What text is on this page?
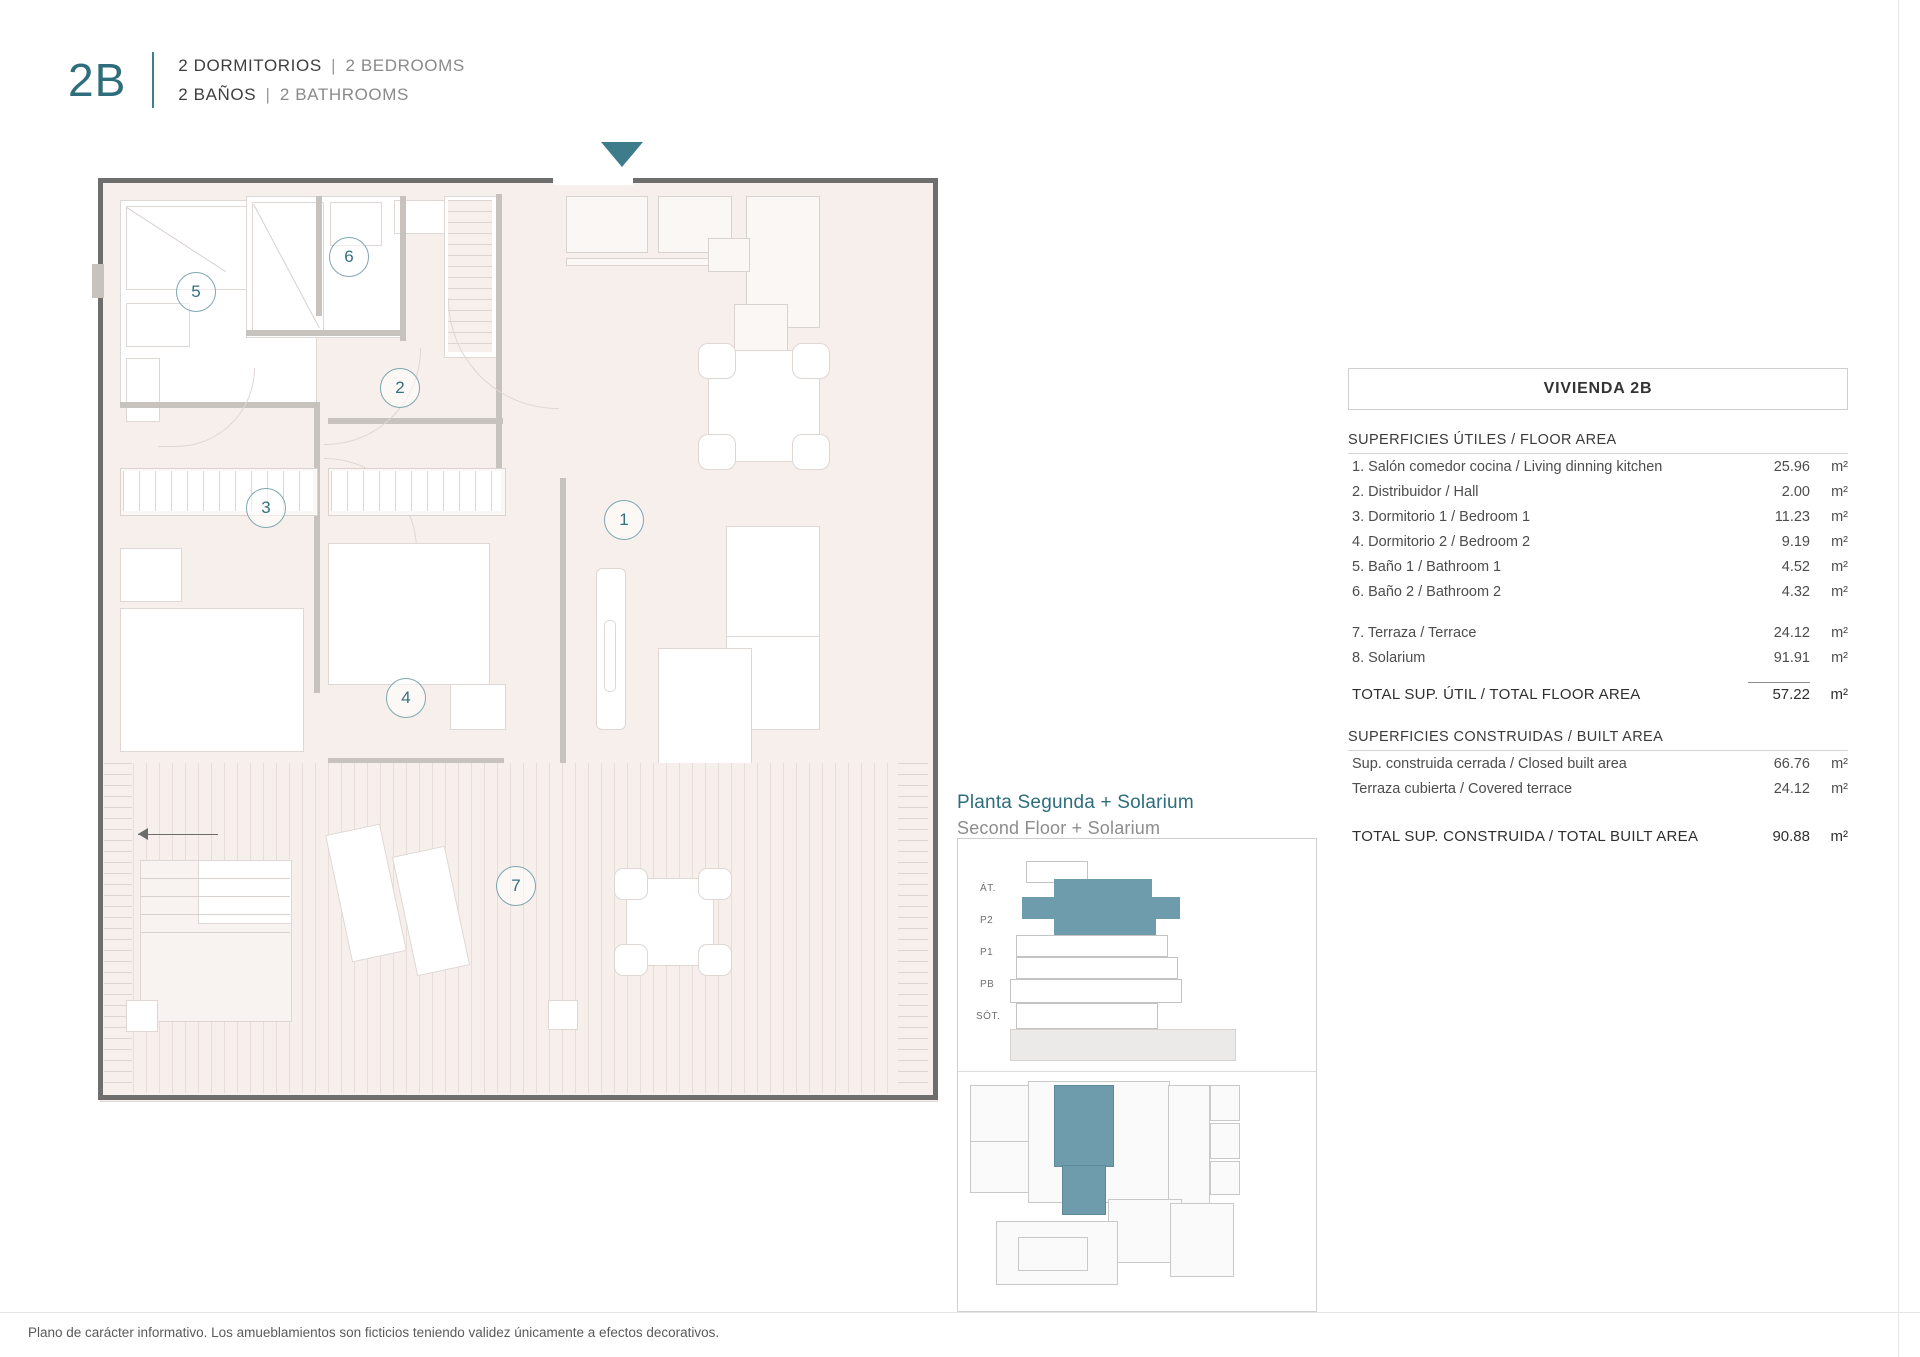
2B	2 DORMITORIOS | 2 BEDROOMS
2 BAÑOS | 2 BATHROOMS
5
6
2
3
4
1
7
Planta Segunda + Solarium
Second Floor + Solarium
ÁT.
P2
P1
PB
SÓT.
VIVIENDA 2B
SUPERFICIES ÚTILES / FLOOR AREA
1. Salón comedor cocina / Living dinning kitchen	25.96	m²
2. Distribuidor / Hall	2.00	m²
3. Dormitorio 1 / Bedroom 1	11.23	m²
4. Dormitorio 2 / Bedroom 2	9.19	m²
5. Baño 1 / Bathroom 1	4.52	m²
6. Baño 2 / Bathroom 2	4.32	m²
7. Terraza / Terrace	24.12	m²
8. Solarium	91.91	m²
TOTAL SUP. ÚTIL / TOTAL FLOOR AREA	57.22	m²
SUPERFICIES CONSTRUIDAS / BUILT AREA
Sup. construida cerrada / Closed built area	66.76	m²
Terraza cubierta / Covered terrace	24.12	m²
TOTAL SUP. CONSTRUIDA / TOTAL BUILT AREA	90.88	m²
Plano de carácter informativo. Los amueblamientos son ficticios teniendo validez únicamente a efectos decorativos.
